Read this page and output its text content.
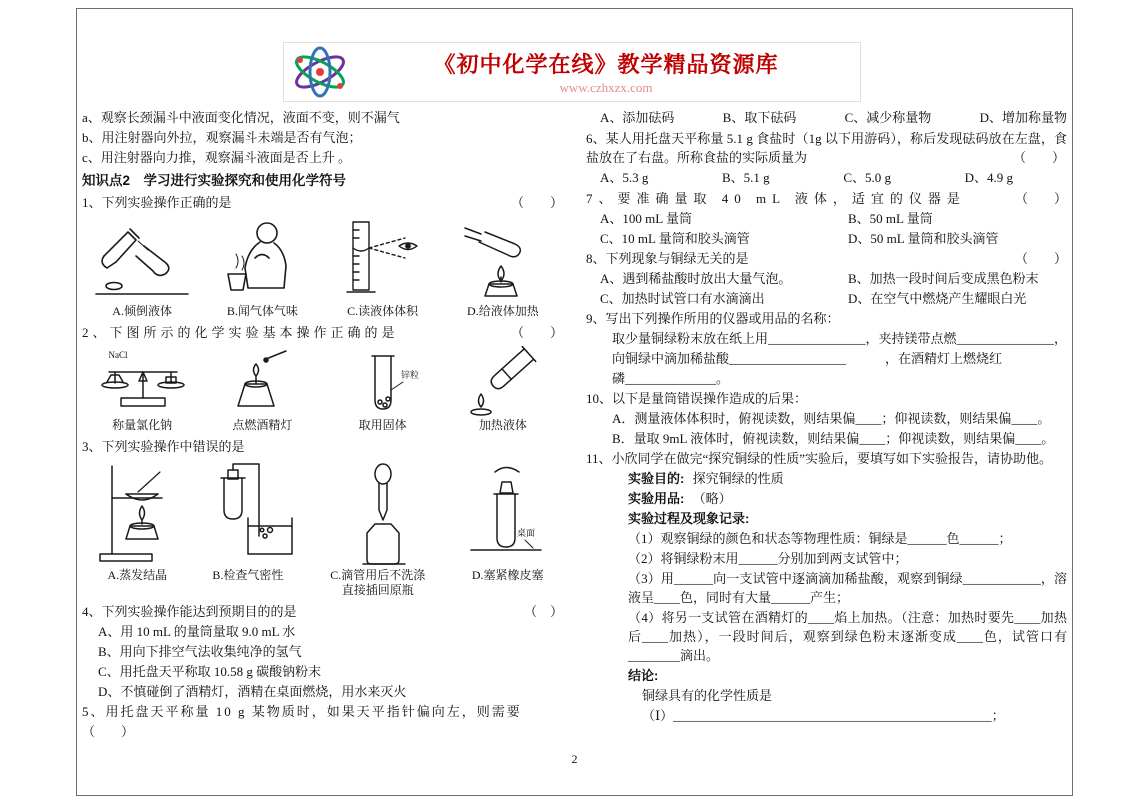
《初中化学在线》教学精品资源库
www.czhxzx.com
a、观察长颈漏斗中液面变化情况，液面不变，则不漏气
b、用注射器向外拉，观察漏斗未端是否有气泡；
c、用注射器向力推，观察漏斗液面是否上升 。
知识点2　学习进行实验探究和使用化学符号
1、下列实验操作正确的是	（　　）
A.倾倒液体	B.闻气体气味	C.读液体体积	D.给液体加热
2、下图所示的化学实验基本操作正确的是	（　　）
NaCl
锌粒
称量氯化钠	点燃酒精灯	取用固体	加热液体
3、下列实验操作中错误的是
桌面
A.蒸发结晶	B.检查气密性	C.滴管用后不洗涤
直接插回原瓶
D.塞紧橡皮塞
4、下列实验操作能达到预期目的的是	（　）
A、用 10 mL 的量筒量取 9.0 mL 水
B、用向下排空气法收集纯净的氢气
C、用托盘天平称取 10.58 g 碳酸钠粉末
D、不慎碰倒了酒精灯，酒精在桌面燃烧，用水来灭火
5、用托盘天平称量 10 g 某物质时，如果天平指针偏向左，则需要
（　　）
A、添加砝码	B、取下砝码	C、减少称量物	D、增加称量物
6、某人用托盘天平称量 5.1 g 食盐时（1g 以下用游码），称后发现砝码放在左盘，食盐放在了右盘。所称食盐的实际质量为	（　　）
A、5.3 g	B、5.1 g	C、5.0 g	D、4.9 g
7、要准确量取 40 mL 液体，适宜的仪器是	（　　）
A、100 mL 量筒	B、50 mL 量筒
C、10 mL 量筒和胶头滴管	D、50 mL 量筒和胶头滴管
8、下列现象与铜绿无关的是	（　　）
A、遇到稀盐酸时放出大量气泡。	B、加热一段时间后变成黑色粉末
C、加热时试管口有水滴滴出	D、在空气中燃烧产生耀眼白光
9、写出下列操作所用的仪器或用品的名称：
取少量铜绿粉末放在纸上用_______________，夹持镁带点燃_______________，
向铜绿中滴加稀盐酸__________________　　　，在酒精灯上燃烧红
磷______________。
10、以下是量筒错误操作造成的后果：
A．测量液体体积时，俯视读数，则结果偏____；仰视读数，则结果偏____。
B．量取 9mL 液体时，俯视读数，则结果偏____；仰视读数，则结果偏____。
11、小欣同学在做完“探究铜绿的性质”实验后，要填写如下实验报告，请协助他。
实验目的: 探究铜绿的性质
实验用品: （略）
实验过程及现象记录:
（1）观察铜绿的颜色和状态等物理性质：铜绿是______色______；
（2）将铜绿粉末用______分别加到两支试管中；
（3）用______向一支试管中逐滴滴加稀盐酸，观察到铜绿____________，溶液呈____色，同时有大量______产生；
（4）将另一支试管在酒精灯的____焰上加热。（注意：加热时要先____加热后____加热），一段时间后，观察到绿色粉末逐渐变成____色，试管口有________滴出。
结论:
铜绿具有的化学性质是
（Ⅰ）_________________________________________________；
2
